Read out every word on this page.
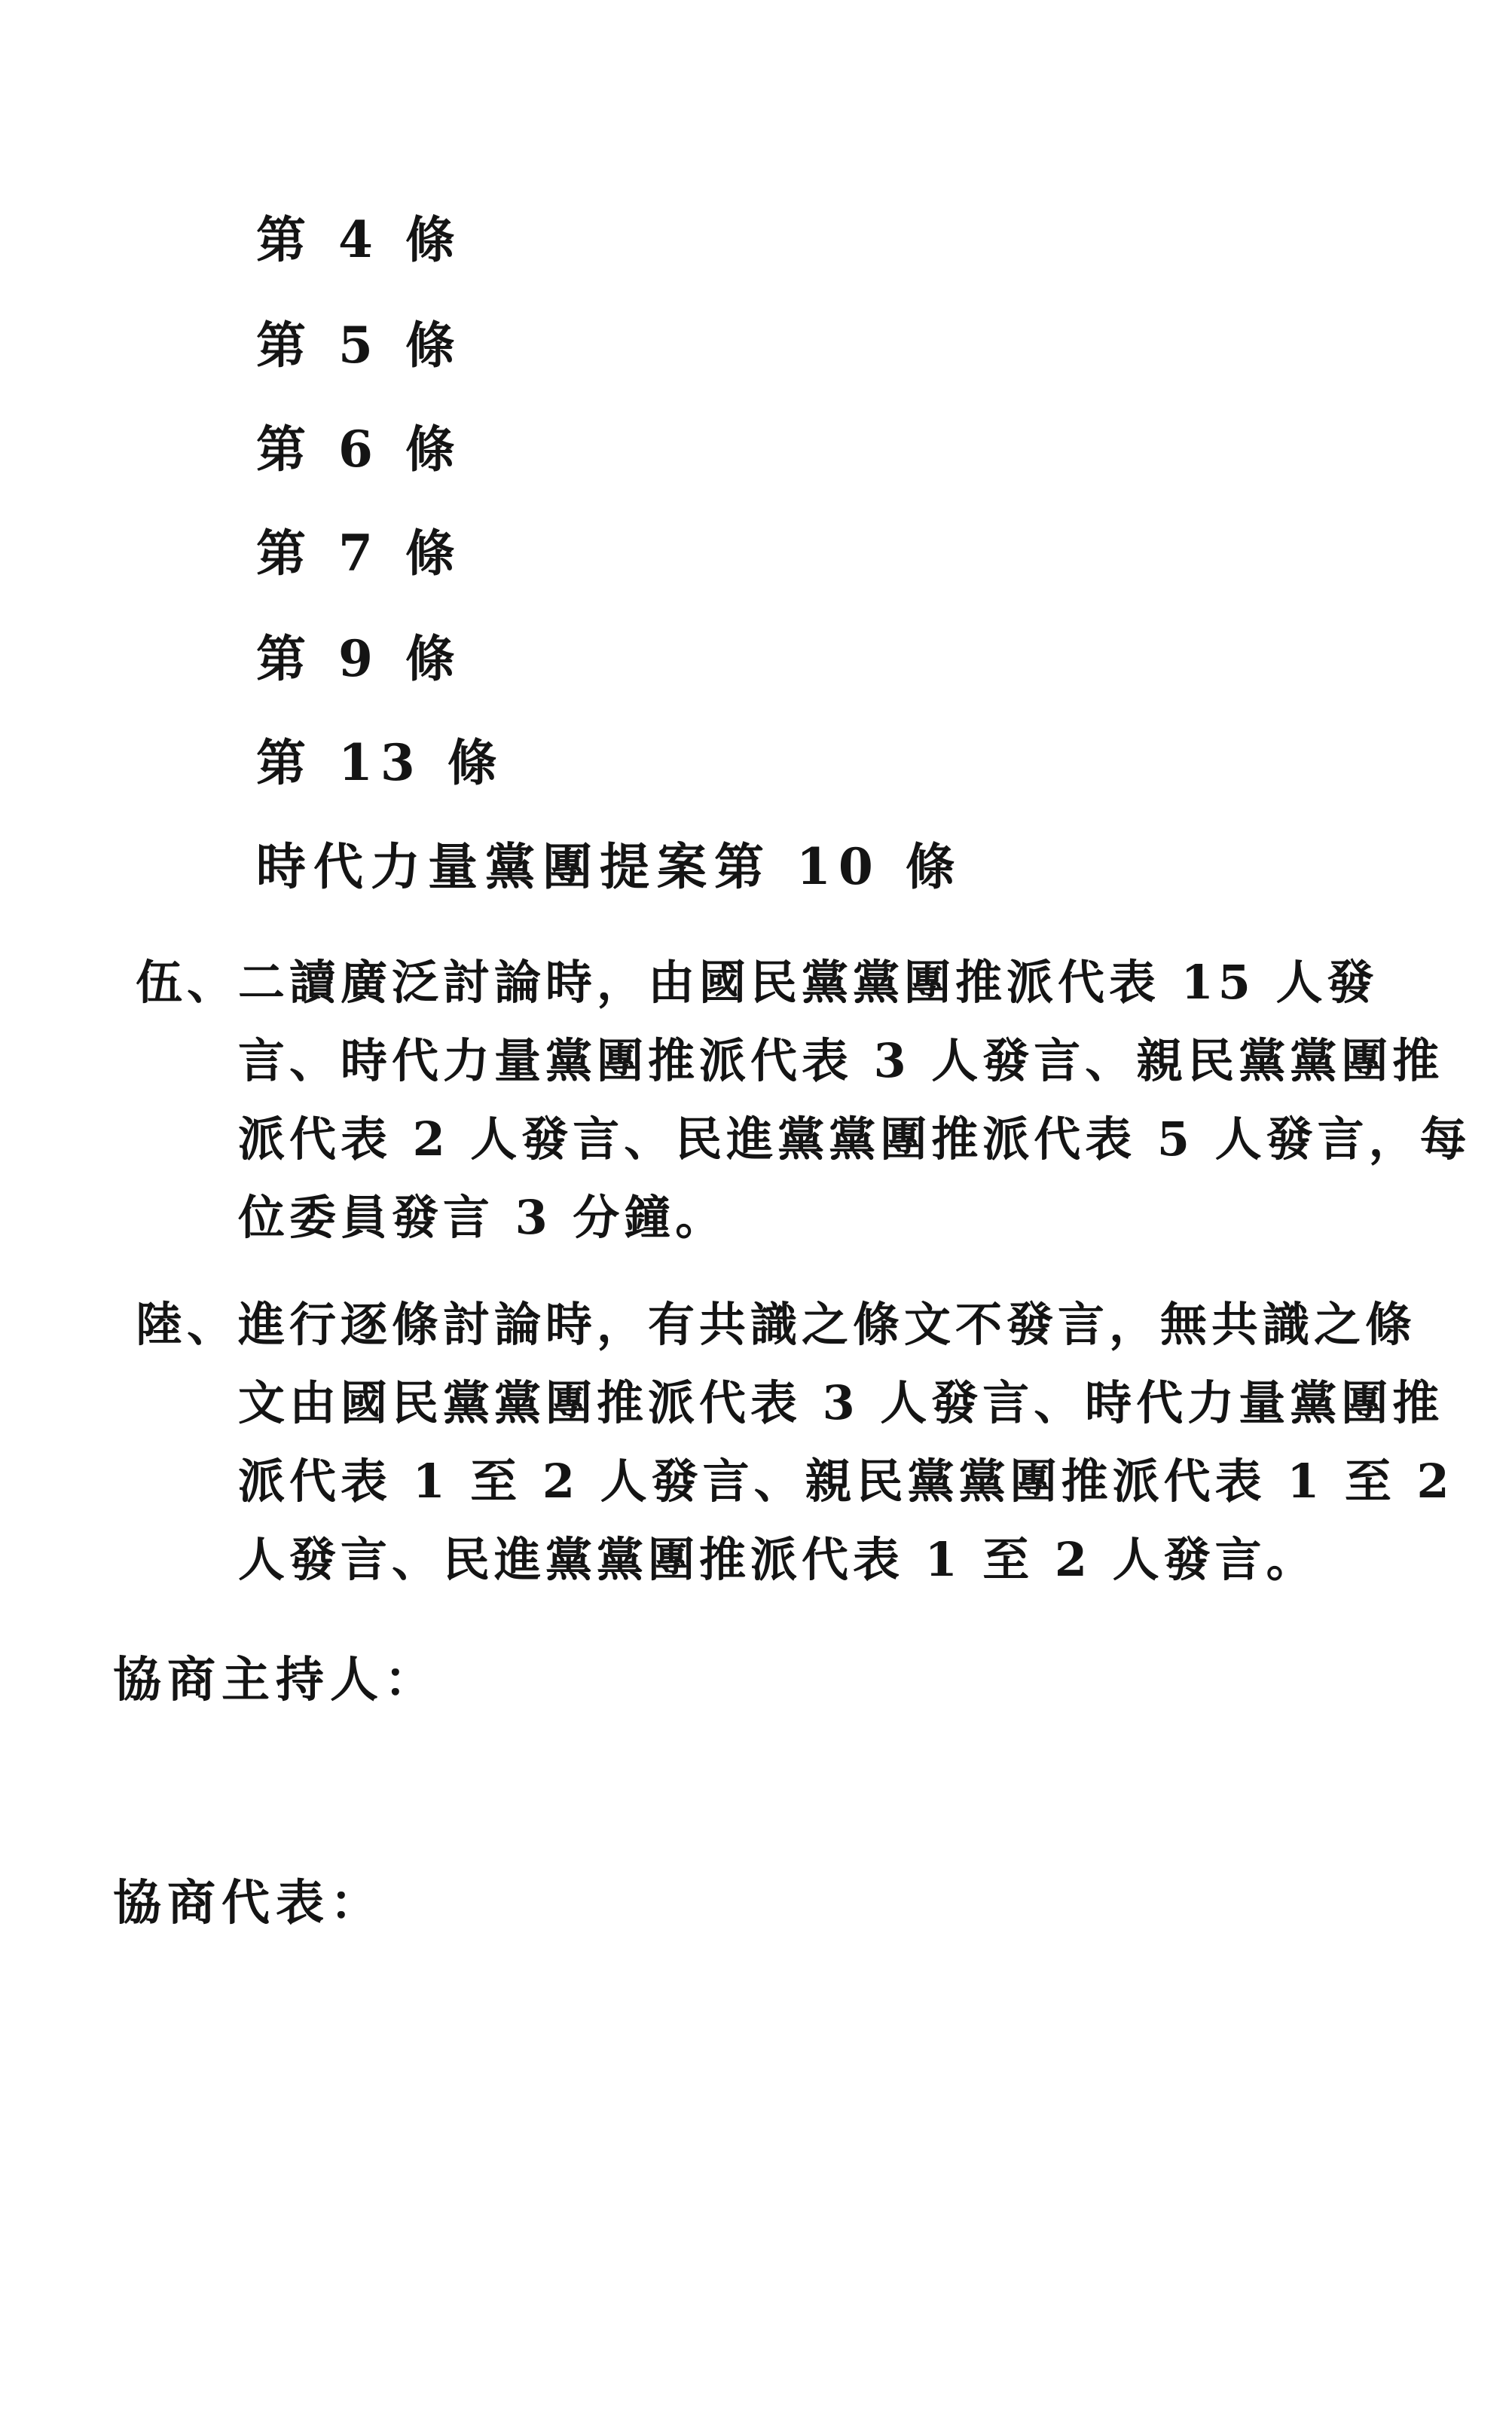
第 4 條
第 5 條
第 6 條
第 7 條
第 9 條
第 13 條
時代力量黨團提案第 10 條
伍、 二讀廣泛討論時，由國民黨黨團推派代表 15 人發言、時代力量黨團推派代表 3 人發言、親民黨黨團推派代表 2 人發言、民進黨黨團推派代表 5 人發言，每位委員發言 3 分鐘。
陸、 進行逐條討論時，有共識之條文不發言，無共識之條文由國民黨黨團推派代表 3 人發言、時代力量黨團推派代表 1 至 2 人發言、親民黨黨團推派代表 1 至 2 人發言、民進黨黨團推派代表 1 至 2 人發言。
協商主持人：
協商代表：
